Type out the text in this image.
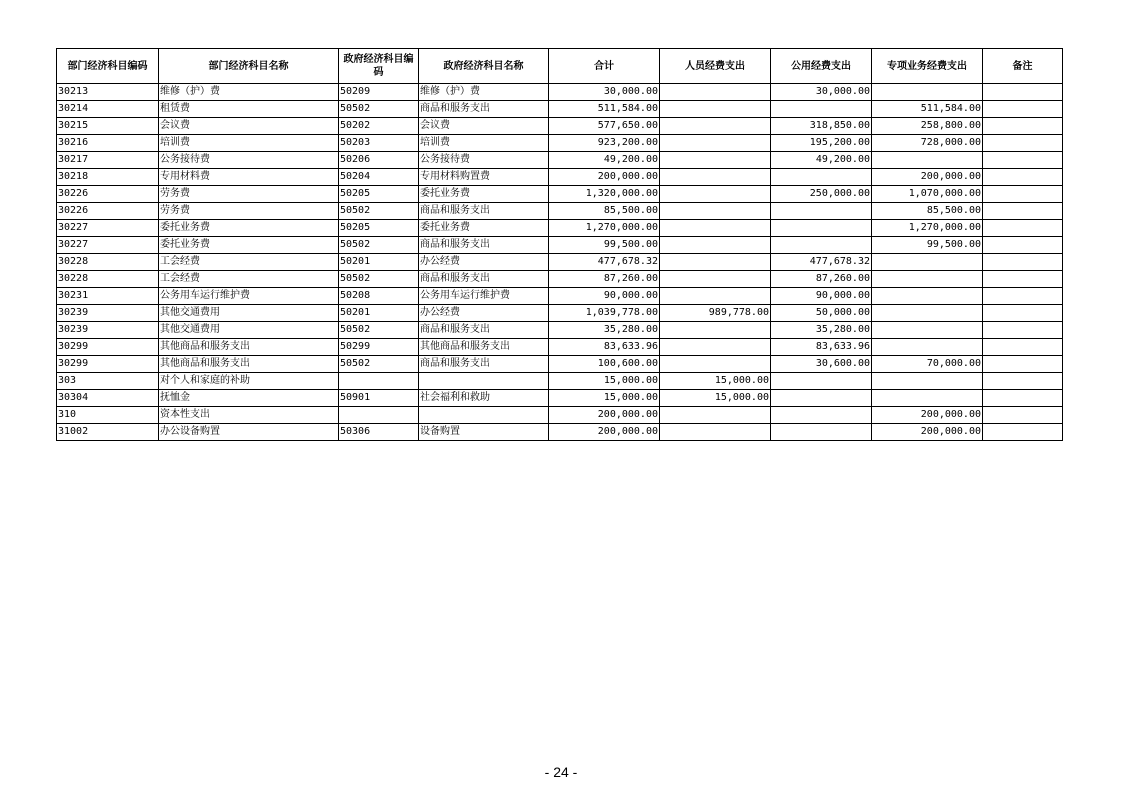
部门经济科目编码	部门经济科目名称	政府经济科目编码	政府经济科目名称	合计	人员经费支出	公用经费支出	专项业务经费支出	备注
30213	维修（护）费	50209	维修（护）费	30,000.00		30,000.00		
30214	租赁费	50502	商品和服务支出	511,584.00			511,584.00	
30215	会议费	50202	会议费	577,650.00		318,850.00	258,800.00	
30216	培训费	50203	培训费	923,200.00		195,200.00	728,000.00	
30217	公务接待费	50206	公务接待费	49,200.00		49,200.00		
30218	专用材料费	50204	专用材料购置费	200,000.00			200,000.00	
30226	劳务费	50205	委托业务费	1,320,000.00		250,000.00	1,070,000.00	
30226	劳务费	50502	商品和服务支出	85,500.00			85,500.00	
30227	委托业务费	50205	委托业务费	1,270,000.00			1,270,000.00	
30227	委托业务费	50502	商品和服务支出	99,500.00			99,500.00	
30228	工会经费	50201	办公经费	477,678.32		477,678.32		
30228	工会经费	50502	商品和服务支出	87,260.00		87,260.00		
30231	公务用车运行维护费	50208	公务用车运行维护费	90,000.00		90,000.00		
30239	其他交通费用	50201	办公经费	1,039,778.00	989,778.00	50,000.00		
30239	其他交通费用	50502	商品和服务支出	35,280.00		35,280.00		
30299	其他商品和服务支出	50299	其他商品和服务支出	83,633.96		83,633.96		
30299	其他商品和服务支出	50502	商品和服务支出	100,600.00		30,600.00	70,000.00	
303	对个人和家庭的补助			15,000.00	15,000.00			
30304	抚恤金	50901	社会福利和救助	15,000.00	15,000.00			
310	资本性支出			200,000.00			200,000.00	
31002	办公设备购置	50306	设备购置	200,000.00			200,000.00	
- 24 -
